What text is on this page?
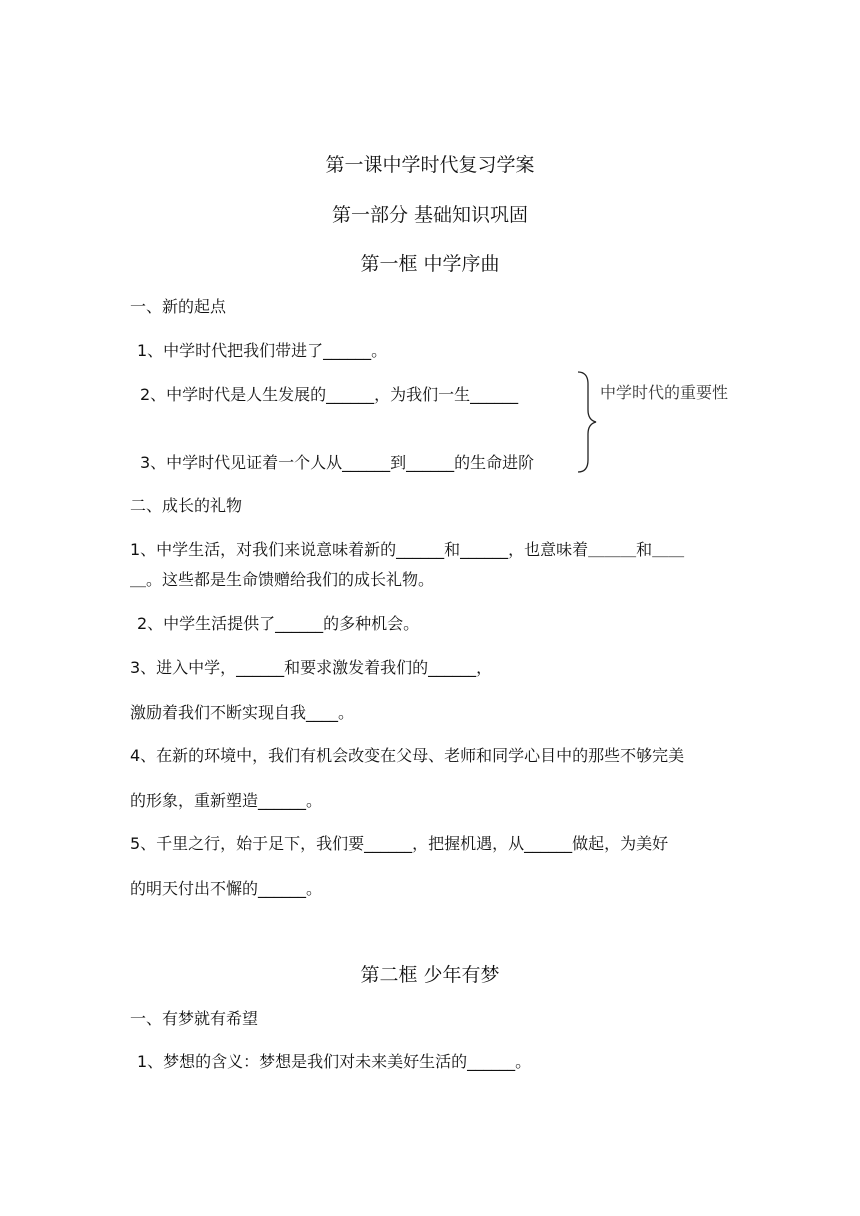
第一课中学时代复习学案
第一部分 基础知识巩固
第一框 中学序曲
一、新的起点
1、中学时代把我们带进了______。
2、中学时代是人生发展的______，为我们一生______
3、中学时代见证着一个人从______到______的生命进阶
中学时代的重要性
二、成长的礼物
1、中学生活，对我们来说意味着新的______和______，也意味着＿＿＿和＿＿
＿。这些都是生命馈赠给我们的成长礼物。
2、中学生活提供了______的多种机会。
3、进入中学，______和要求激发着我们的______，
激励着我们不断实现自我____。
4、在新的环境中，我们有机会改变在父母、老师和同学心目中的那些不够完美
的形象，重新塑造______。
5、千里之行，始于足下，我们要______，把握机遇，从______做起，为美好
的明天付出不懈的______。
第二框 少年有梦
一、有梦就有希望
1、梦想的含义：梦想是我们对未来美好生活的______。
